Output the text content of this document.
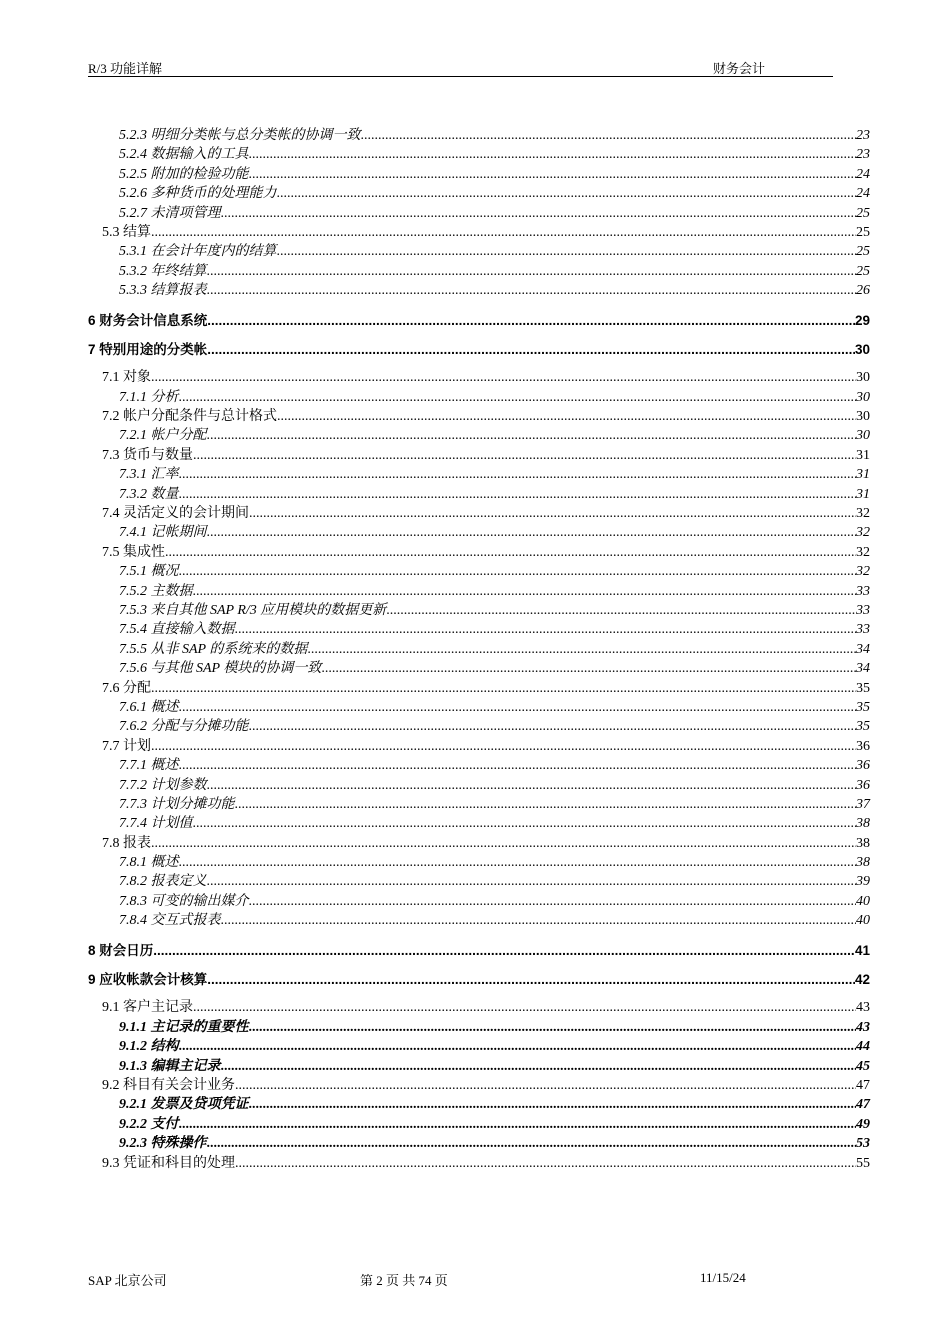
R/3 功能详解	财务会计
5.2.3 明细分类帐与总分类帐的协调一致 .....	23
5.2.4 数据输入的工具 .....	23
5.2.5 附加的检验功能 .....	24
5.2.6 多种货币的处理能力 .....	24
5.2.7 未清项管理 .....	25
5.3 结算 .....	25
5.3.1 在会计年度内的结算 .....	25
5.3.2 年终结算 .....	25
5.3.3 结算报表 .....	26
6 财务会计信息系统 .....	29
7 特别用途的分类帐 .....	30
7.1 对象 .....	30
7.1.1 分析 .....	30
7.2 帐户分配条件与总计格式 .....	30
7.2.1 帐户分配 .....	30
7.3 货币与数量 .....	31
7.3.1 汇率 .....	31
7.3.2 数量 .....	31
7.4 灵活定义的会计期间 .....	32
7.4.1 记帐期间 .....	32
7.5 集成性 .....	32
7.5.1 概况 .....	32
7.5.2 主数据 .....	33
7.5.3 来自其他 SAP R/3 应用模块的数据更新 .....	33
7.5.4 直接输入数据 .....	33
7.5.5 从非 SAP 的系统来的数据 .....	34
7.5.6 与其他 SAP 模块的协调一致 .....	34
7.6 分配 .....	35
7.6.1 概述 .....	35
7.6.2 分配与分摊功能 .....	35
7.7 计划 .....	36
7.7.1 概述 .....	36
7.7.2 计划参数 .....	36
7.7.3 计划分摊功能 .....	37
7.7.4 计划值 .....	38
7.8 报表 .....	38
7.8.1 概述 .....	38
7.8.2 报表定义 .....	39
7.8.3 可变的输出媒介 .....	40
7.8.4 交互式报表 .....	40
8 财会日历 .....	41
9 应收帐款会计核算 .....	42
9.1 客户主记录 .....	43
9.1.1 主记录的重要性 .....	43
9.1.2 结构 .....	44
9.1.3 编辑主记录 .....	45
9.2 科目有关会计业务 .....	47
9.2.1 发票及贷项凭证 .....	47
9.2.2 支付 .....	49
9.2.3 特殊操作 .....	53
9.3 凭证和科目的处理 .....	55
SAP 北京公司	第 2 页 共 74 页	11/15/24
